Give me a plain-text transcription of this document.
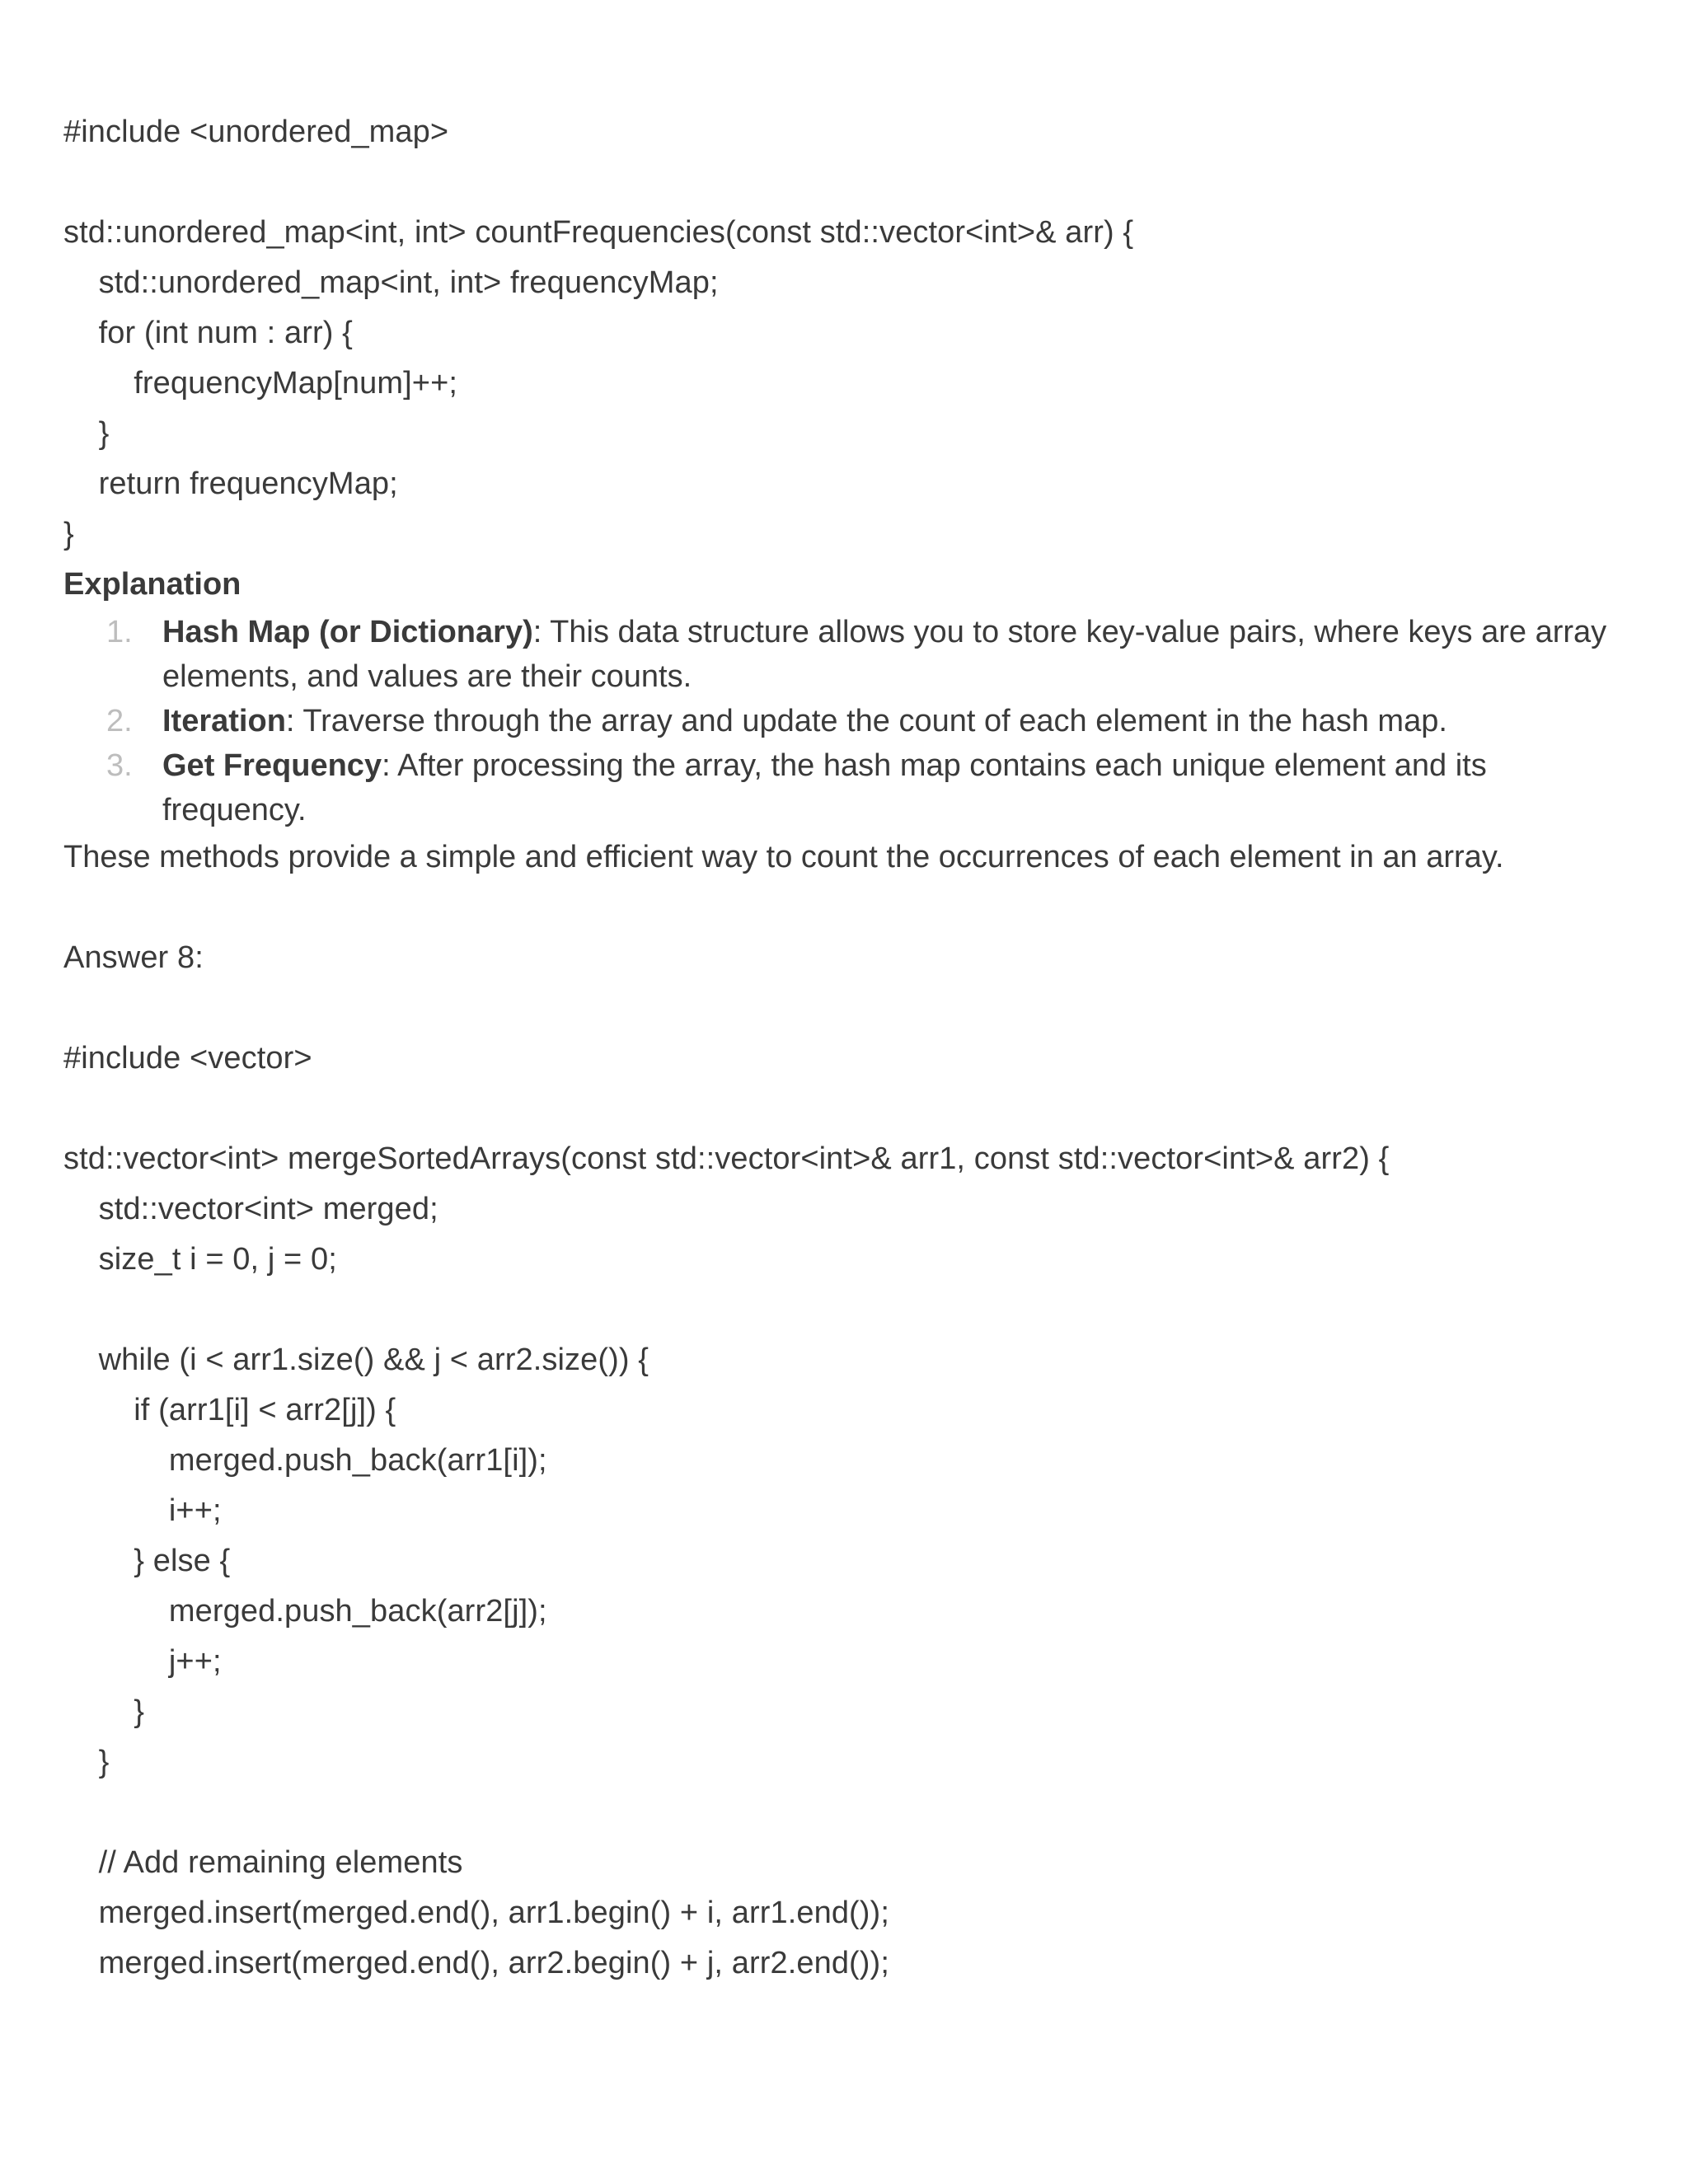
#include <unordered_map>
std::unordered_map<int, int> countFrequencies(const std::vector<int>& arr) {
std::unordered_map<int, int> frequencyMap;
for (int num : arr) {
frequencyMap[num]++;
}
return frequencyMap;
}
Explanation
1. Hash Map (or Dictionary): This data structure allows you to store key-value pairs, where keys are array elements, and values are their counts.
2. Iteration: Traverse through the array and update the count of each element in the hash map.
3. Get Frequency: After processing the array, the hash map contains each unique element and its frequency.
These methods provide a simple and efficient way to count the occurrences of each element in an array.
Answer 8:
#include <vector>
std::vector<int> mergeSortedArrays(const std::vector<int>& arr1, const std::vector<int>& arr2) {
std::vector<int> merged;
size_t i = 0, j = 0;
while (i < arr1.size() && j < arr2.size()) {
if (arr1[i] < arr2[j]) {
merged.push_back(arr1[i]);
i++;
} else {
merged.push_back(arr2[j]);
j++;
}
}
// Add remaining elements
merged.insert(merged.end(), arr1.begin() + i, arr1.end());
merged.insert(merged.end(), arr2.begin() + j, arr2.end());
